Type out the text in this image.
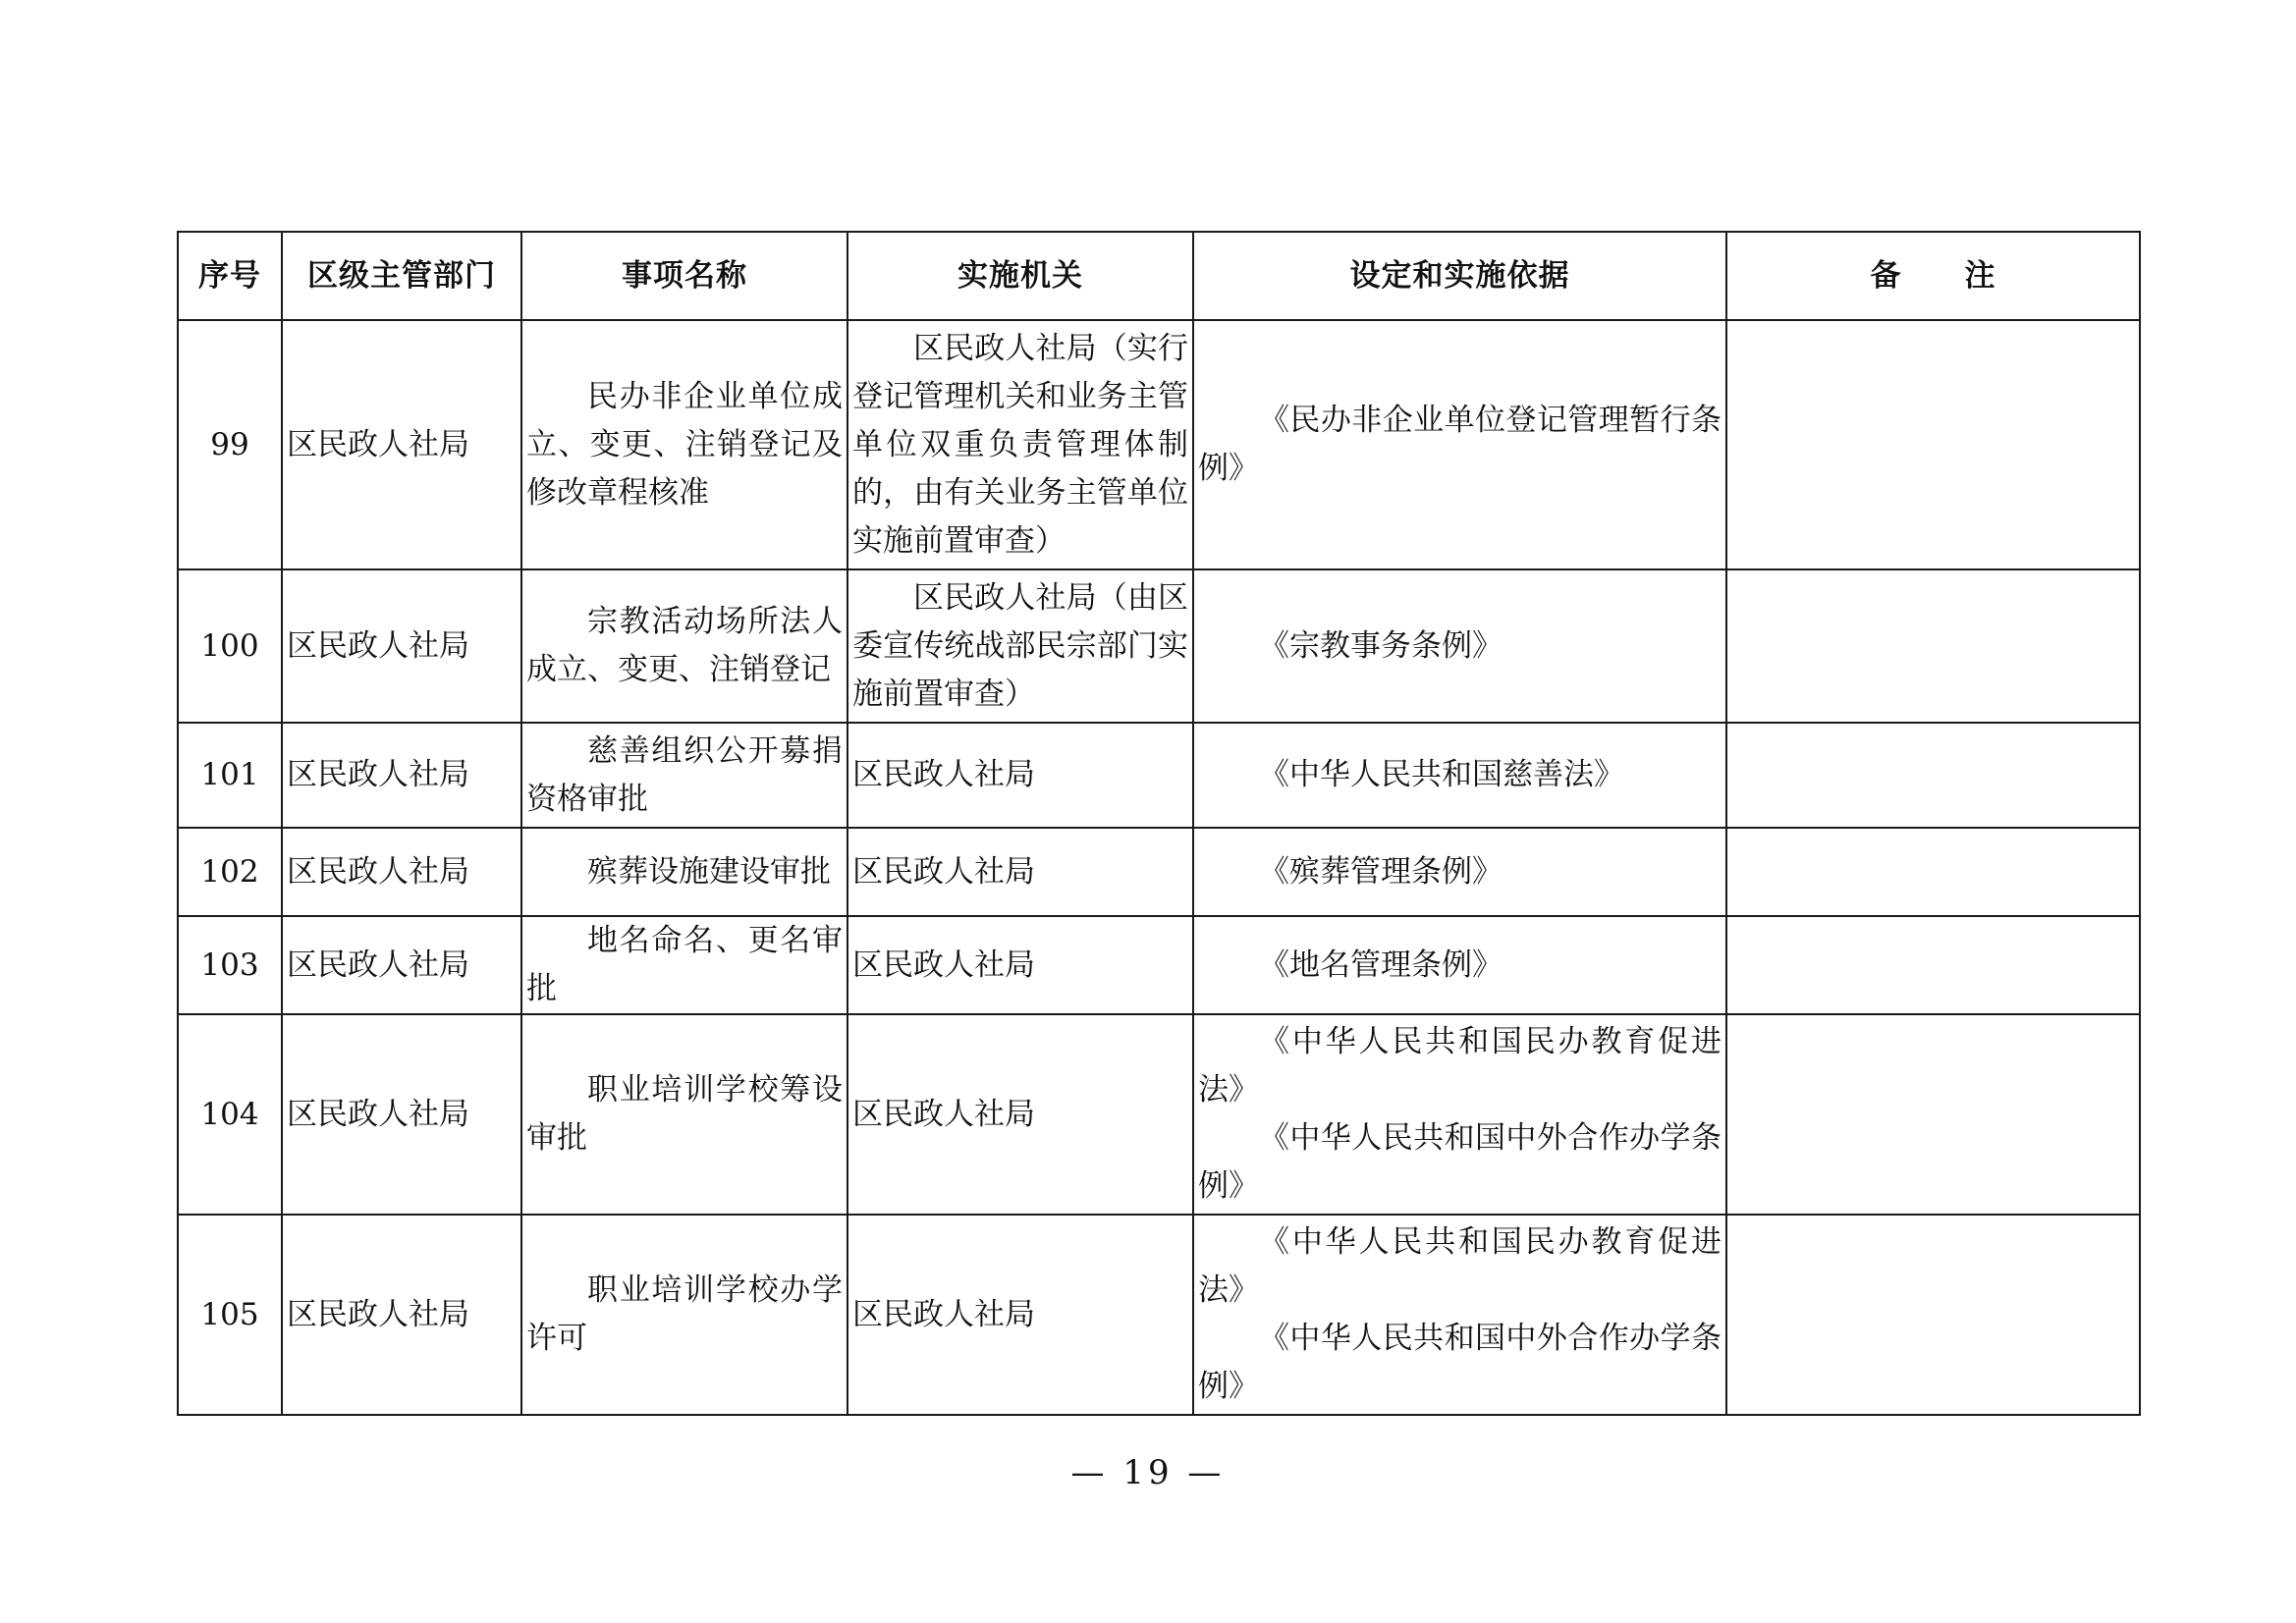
序号	区级主管部门	事项名称	实施机关	设定和实施依据	备　　注
99	区民政人社局	民办非企业单位成立、变更、注销登记及修改章程核准	区民政人社局（实行登记管理机关和业务主管单位双重负责管理体制的，由有关业务主管单位实施前置审查）	《民办非企业单位登记管理暂行条例》	

100	区民政人社局	宗教活动场所法人成立、变更、注销登记	区民政人社局（由区委宣传统战部民宗部门实施前置审查）	《宗教事务条例》	

101	区民政人社局	慈善组织公开募捐资格审批	区民政人社局	《中华人民共和国慈善法》	

102	区民政人社局	殡葬设施建设审批	区民政人社局	《殡葬管理条例》	

103	区民政人社局	地名命名、更名审批	区民政人社局	《地名管理条例》	

104	区民政人社局	职业培训学校筹设审批	区民政人社局	《中华人民共和国民办教育促进法》
《中华人民共和国中外合作办学条例》	

105	区民政人社局	职业培训学校办学许可	区民政人社局	《中华人民共和国民办教育促进法》
《中华人民共和国中外合作办学条例》	

— 19 —
